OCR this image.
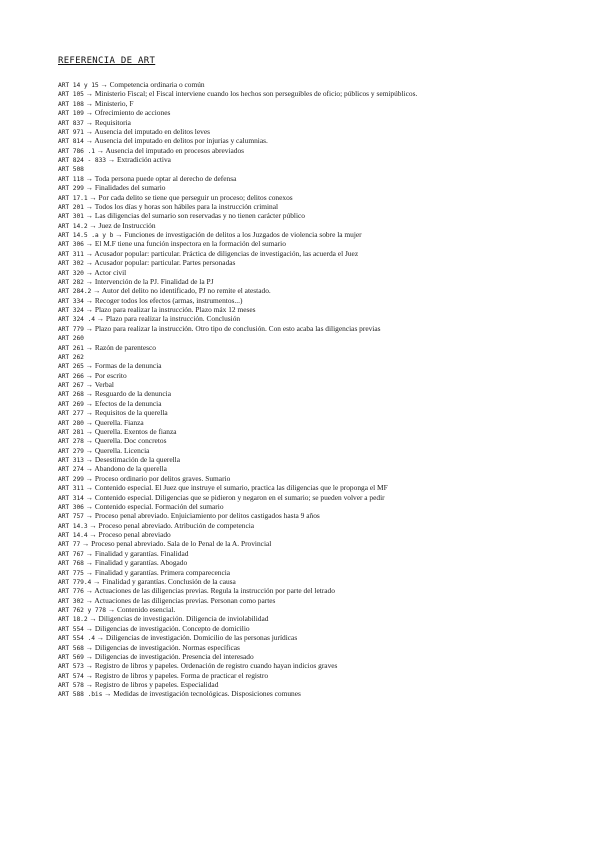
REFERENCIA DE ART
ART 14 y 15 → Competencia ordinaria o común
ART 105 → Ministerio Fiscal; el Fiscal interviene cuando los hechos son perseguibles de oficio; públicos y semipúblicos.
ART 108 → Ministerio, F
ART 109 → Ofrecimiento de acciones
ART 837 → Requisitoria
ART 971 → Ausencia del imputado en delitos leves
ART 814 → Ausencia del imputado en delitos por injurias y calumnias.
ART 786 .1 → Ausencia del imputado en procesos abreviados
ART 824 - 833 → Extradición activa
ART 508
ART 118 → Toda persona puede optar al derecho de defensa
ART 299 → Finalidades del sumario
ART 17.1 → Por cada delito se tiene que perseguir un proceso; delitos conexos
ART 201 → Todos los días y horas son hábiles para la instrucción criminal
ART 301 → Las diligencias del sumario son reservadas y no tienen carácter público
ART 14.2 → Juez de Instrucción
ART 14.5 .a y b → Funciones de investigación de delitos a los Juzgados de violencia sobre la mujer
ART 306 → El M.F tiene una función inspectora en la formación del sumario
ART 311 → Acusador popular: particular. Práctica de diligencias de investigación, las acuerda el Juez
ART 302 → Acusador popular: particular. Partes personadas
ART 320 → Actor civil
ART 282 → Intervención de la PJ. Finalidad de la PJ
ART 284.2 → Autor del delito no identificado, PJ no remite el atestado.
ART 334 → Recoger todos los efectos (armas, instrumentos...)
ART 324 → Plazo para realizar la instrucción. Plazo máx 12 meses
ART 324 .4 → Plazo para realizar la instrucción. Conclusión
ART 779 → Plazo para realizar la instrucción. Otro tipo de conclusión. Con esto acaba las diligencias previas
ART 260
ART 261 → Razón de parentesco
ART 262
ART 265 → Formas de la denuncia
ART 266 → Por escrito
ART 267 → Verbal
ART 268 → Resguardo de la denuncia
ART 269 → Efectos de la denuncia
ART 277 → Requisitos de la querella
ART 280 → Querella. Fianza
ART 281 → Querella. Exentos de fianza
ART 278 → Querella. Doc concretos
ART 279 → Querella. Licencia
ART 313 → Desestimación de la querella
ART 274 → Abandono de la querella
ART 299 → Proceso ordinario por delitos graves. Sumario
ART 311 → Contenido especial. El Juez que instruye el sumario, practica las diligencias que le proponga el MF
ART 314 → Contenido especial. Diligencias que se pidieron y negaron en el sumario; se pueden volver a pedir
ART 306 → Contenido especial. Formación del sumario
ART 757 → Proceso penal abreviado. Enjuiciamiento por delitos castigados hasta 9 años
ART 14.3 → Proceso penal abreviado. Atribución de competencia
ART 14.4 → Proceso penal abreviado
ART 77 → Proceso penal abreviado. Sala de lo Penal de la A. Provincial
ART 767 → Finalidad y garantías. Finalidad
ART 768 → Finalidad y garantías. Abogado
ART 775 → Finalidad y garantías. Primera comparecencia
ART 779.4 → Finalidad y garantías. Conclusión de la causa
ART 776 → Actuaciones de las diligencias previas. Regula la instrucción por parte del letrado
ART 302 → Actuaciones de las diligencias previas. Personan como partes
ART 762 y 778 → Contenido esencial.
ART 18.2 → Diligencias de investigación. Diligencia de inviolabilidad
ART 554 → Diligencias de investigación. Concepto de domicilio
ART 554 .4 → Diligencias de investigación. Domicilio de las personas jurídicas
ART 568 → Diligencias de investigación. Normas específicas
ART 569 → Diligencias de investigación. Presencia del interesado
ART 573 → Registro de libros y papeles. Ordenación de registro cuando hayan indicios graves
ART 574 → Registro de libros y papeles. Forma de practicar el registro
ART 578 → Registro de libros y papeles. Especialidad
ART 588 .bis → Medidas de investigación tecnológicas. Disposiciones comunes
